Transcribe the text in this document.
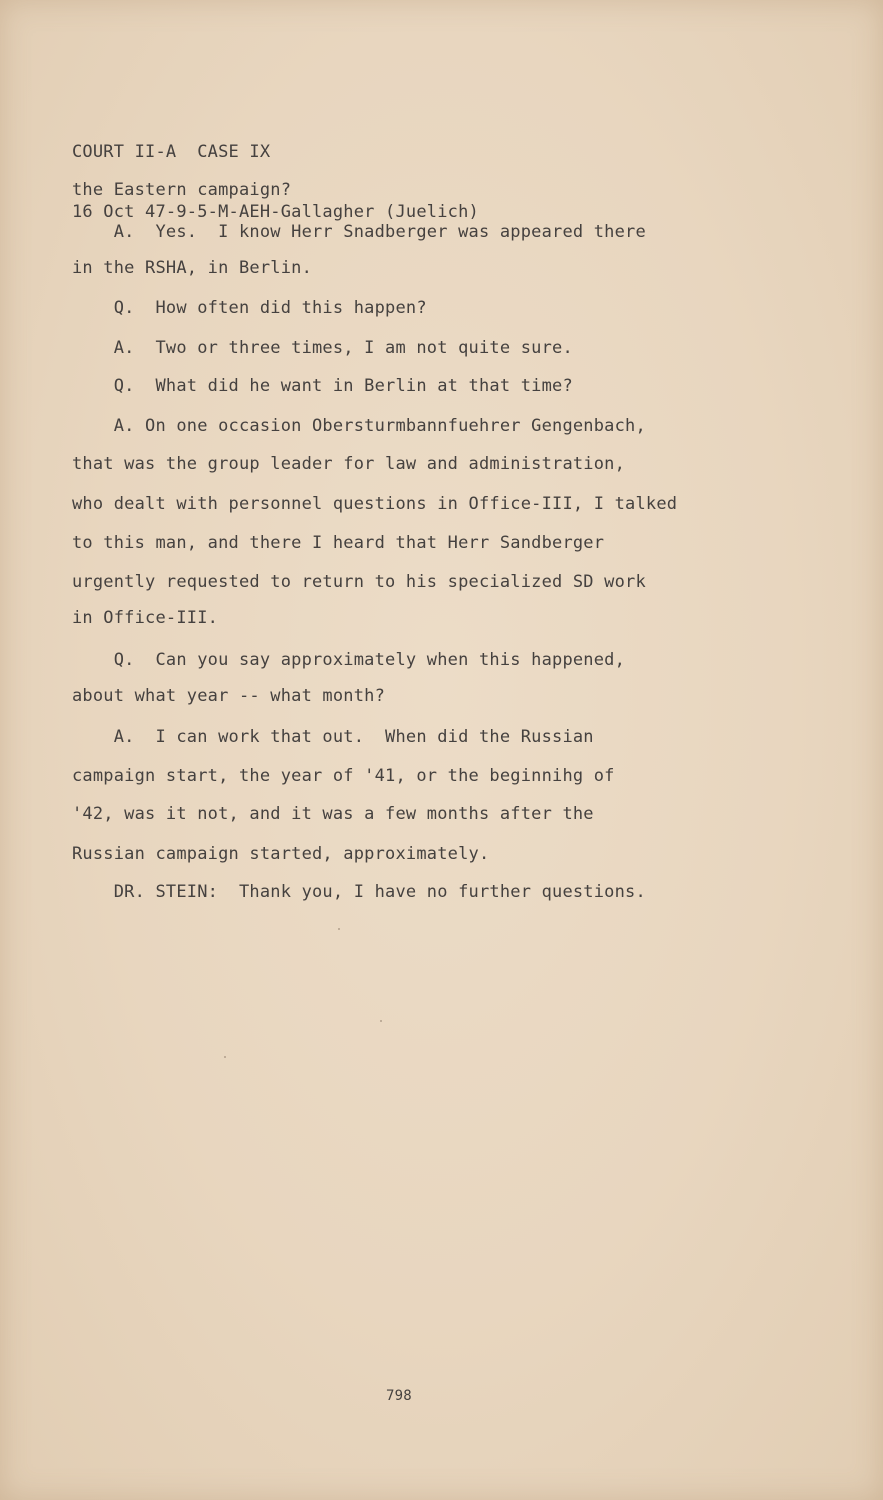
COURT II-A  CASE IX

16 Oct 47-9-5-M-AEH-Gallagher (Juelich)

the Eastern campaign?
A.  Yes.  I know Herr Snadberger was appeared there
in the RSHA, in Berlin.
Q.  How often did this happen?
A.  Two or three times, I am not quite sure.
Q.  What did he want in Berlin at that time?
A. On one occasion Obersturmbannfuehrer Gengenbach,
that was the group leader for law and administration,
who dealt with personnel questions in Office-III, I talked
to this man, and there I heard that Herr Sandberger
urgently requested to return to his specialized SD work
in Office-III.
Q.  Can you say approximately when this happened,
about what year -- what month?
A.  I can work that out.  When did the Russian
campaign start, the year of '41, or the beginnihg of
'42, was it not, and it was a few months after the
Russian campaign started, approximately.
DR. STEIN:  Thank you, I have no further questions.
798
